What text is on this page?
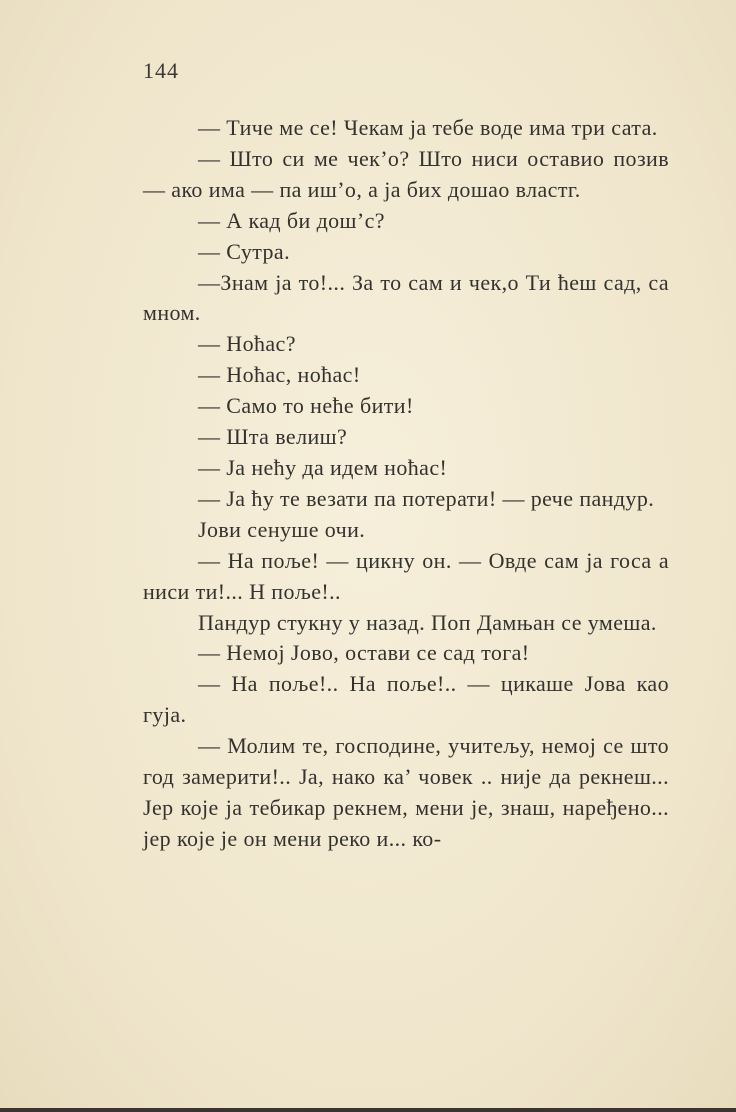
144

— Тиче ме се! Чекам ја тебе воде има три сата.

— Што си ме чек’о? Што ниси оставио позив — ако има — па иш’о, а ја бих дошао властг.

— А кад би дош’с?

— Сутра.

—Знам ја то!... За то сам и чек,о Ти ћеш сад, са мном.

— Ноћас?

— Ноћас, ноћас!

— Само то неће бити!

— Шта велиш?

— Ја нећу да идем ноћас!

— Ја ћу те везати па потерати! — рече пандур.

Јови сенуше очи.

— На поље! — цикну он. — Овде сам ја госа а ниси ти!... Н поље!..

Пандур стукну у назад. Поп Дамњан се умеша.

— Немој Јово, остави се сад тога!

— На поље!.. На поље!.. — цикаше Јова као гуја.

— Молим те, господине, учитељу, немој се што год замерити!.. Ја, нако ка’ човек .. није да рекнеш... Јер које ја тебикар рекнем, мени је, знаш, наређено... јер које је он мени реко и... ко-
